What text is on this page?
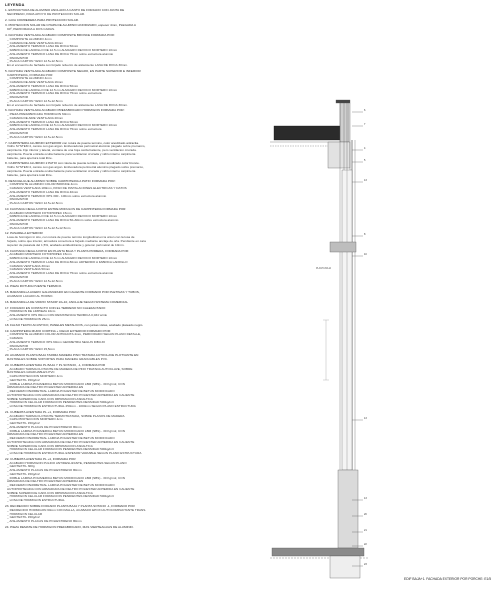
LEYENDA
1. ESTRUCTURA DE ALUMINIO ANCLADO A CANTO DE FORJADO CON JUNTA DE
NEOPRENO, PARA APOYO DE PROTECCION SOLAR.
2. GUIA CORREDERA PARA PROTECCION SOLAR.
3. PROTECCION SOLAR DE CHAPA DE ALUMINIO ANODIZADO, espesor 4mm, PLEGADA A
90º, PERFORADA A DOS CARAS.
4. FACHADA VENTILADA ACABADO COMPOSITE BRONCE FORMADA POR:
_ COMPOSITE ALUMINIO 4mm
_ CAMARA DE AIRE VENTILADA 20mm
_ AISLAMIENTO TERMICO LANA DE ROCA 50mm
_ FABRICA DE LADRILLO DE 12.5 cm ALMAGRO REVOCO MORTERO 10mm
_ AISLAMIENTO TERMICO LANA DE ROCA 75mm sobre estructura alumnio
_ PARAVAPOR
_ PLACA CARTON YESO 12.5+12.5mm
En el encuentro de fachada con forjado refuerzo de aislamiento LANA DE ROCA 30mm.
5. FACHADA VENTILADA ACABADO COMPOSITE NEGRO, EN PARTE SUPERIOR E INFERIOR
CARPINTERIA, FORMADA POR:
_ COMPOSITE ALUMINIO 4mm
_ CAMARA DE AIRE VENTILADA 16mm
_ AISLAMIENTO TERMICO LANA DE ROCA 50mm
_ FABRICA DE LADRILLO DE 12.5 cm ALMAGRO REVOCO MORTERO 10mm
_ AISLAMIENTO TERMICO LANA DE ROCA 75mm sobre estructura
_ PARAVAPOR
_ PLACA CARTON YESO 12.5+12.5mm
En el encuentro de fachada con forjado refuerzo de aislamiento LANA DE ROCA 30mm.
6. FACHADA VENTILADA ACABADO PREFABRICADO HORMIGON FORMADA POR:
_ PIEZA PREFABRICADA HORMIGON 60mm
_ CAMARA DE AIRE VENTILADA 20mm
_ AISLAMIENTO TERMICO LANA DE ROCA 50mm
_ FABRICA DE LADRILLO DE 12.5 cm ALMAGRO REVOCO MORTERO 10mm
_ AISLAMIENTO TERMICO LANA DE ROCA 75mm sobre estructura
_ PARAVAPOR
_ PLACA CARTON YESO 12.5+12.5mm
7. CARPINTERIA ALUMINIO EXTERIOR con rotura de puente termico, color anodizado antracita.
Vidrio SYSTEM 4, cantos con gas argon. Embocaduras perimetral aluminio plegado sobre premarco,
carpinteria. Fijo inferior y lateral, ventana de una hoja oscila batiente, pero ventilacion cruzada.
carpinteria. Puerta entrada oculta batiente para ventilacion cruzada y vidrio interno carpinteria
batiente, para apertura total libre.
8. CARPINTERIA ALUMINIO 2 PATIO con rotura de puente termico, color anodizado color bronce.
Vidrio SYSTEM 4, cantos con gas argon. Embocadura perimetral aluminio plegado sobre premarco,
carpinteria. Puerta entrada oculta batiente para ventilacion cruzada y vidrio interno carpinteria
batiente, para apertura total libre.
9. DESCUELGUE ALUMINIO SOBRE CARPINTERIA A PATIO FORMADA POR:
_ COMPOSITE ALUMINIO COLOR BRONCE 4mm
_ CAMARA VENTILADA 180mm, PASO DE INSTALACIONES ELECTRICAS Y DATOS
_ AISLAMIENTO TERMICO LANA DE ROCA 40mm
_ AISLAMIENTO TERMICO XPS 300 - 100mm sobre estructura alumnio
_ PARAVAPOR
_ PLACA CARTON YESO 12.5+12.5mm
10. FACHADA CIEGA A PATIO ENTRE MODULOS DE CARPINTERIA FORMADA POR:
_ ACABADO MORTERO FOTOPRIPEC 15mm
_ FABRICA DE LADRILLO DE 12.5 cm ALMAGRO REVOCO MORTERO 10mm
_ AISLAMIENTO TERMICO LANA DE ROCA 50+60mm sobre estructura alumnio
_ PARAVAPOR
_ PLACA CARTON YESO 12.5+12.5+12.5mm
12. PASARELA EXTERIOR
Losa de hormigon in situ, con rotura de puente termico longitudinal en la union con la losa de
forjado, sobre que interior, armadura conectora a forjado mediante anclaje de orla. Pendiente en cara
superior de pasarela del 1,5%, acabado antideslizante y goteron perimetral de 10mm.
13. FACHADA CIEGA A PATIO EN PLANTA BAJA Y PLANTA PRIMERA, FORMADA POR:
_ ACABADO MORTERO FOTOPRIPEC 15mm
_ FABRICA DE LADRILLO DE 12.5 cm ALMAGRO REVOCO MORTERO 10mm
_ AISLAMIENTO TERMICO LANA DE ROCA 80mm ADHERIDO A FABRICA LADRILLO
_ CAMARA VENTILADA 30mm
_ CAMARA VENTILADA 50mm
_ AISLAMIENTO TERMICO LANA DE ROCA 75mm sobre estructura alumnio
_ PARAVAPOR
_ PLACA CARTON YESO 12.5+12.5mm
14. PIEZA ROTURA PUENTE TERMICO.
15. BARANDILLA ACERO GALVANIZADO EN CALIENTE FORMADO POR PLETINAS Y TUBOS,
ACABADO LACADO AL HORNO.
16. BARANDILLA DE VIDRIO STADIP 10+10, ANCLAJE SEGUN SISTEMA COMERCIAL
17. FORJADO EN CONTACTO CON EL TERRENO NO CALEFACTADO:
_ HORMIGON DE LIMPIEZA 10cm
_ AISLAMIENTO XPS 80mm CON RESISTENCIA TERMICA 0,034 w/mk
_ LOSA DE HORMIGON 25cm
18. FALSO TECHO ACUSTICO, PANELES METALICOS, con juntas vistas, acabado plateado negro.
19. CARPINTERIA MURO CORTINA + CIEGO EXTERIOR FORMADO POR:
_ COMPOSITE ALUMINIO COLOR ANTRACITA 4mm, PERFORADO SEGUN PLANO DETALLE,
_ CAMARA
_ AISLAMIENTO TERMICO XPS 60mm GEOMETRIA SEGUN DIBUJO
_ PARAVAPOR
_ PLACA CARTON YESO 15,5mm
20. ACABADO PLANTA BAJA TARIMA MADERA PINO TRATADA AUTOCLAVE PLOTVANTE EN
RASTRELES SOBRE SOPORTES PARA MADERA GRADUABLES PVC.
20. CUBIERTA AVENTADA PL BAJA Y PL SOTANO, -1, FORMADA POR
_ ACABADO TARIMA FLOTANTE DE MADERA DE PINO TRATADA AUTOCLAVE, SOBRE
RASTRELES GRADUABLES PVC
_ CAPA PROTECCION MORTERO 4cm
_ GEOTEXTIL 150g/m2
_ DOBLE LAMINA POLIMERICA BETUN MODIFICADO LBM (SBS) - 30 Kg/m2, CON
ARMADURA DE FIELTRO POLIESTER ADHERIDA EN
_ REFUERZO PERIMETRAL LAMINA POLIESTER DE BETUN MODIFICADO
AUTOPROTEGIDA CON ARMADURA DE FIELTRO POLIESTER ADHERIDA EN CALIENTE
SOBRE SUPERFICIE CAPA CON IMPRIMACION ASFALTICA
_ HORMIGON CELULAR FORMACION PENDIENTES DENSIDAD 500kg/m3
_ LOSA DE HORMIGON ESTRUCTURAL 250mm - 1000mm SEGUN PLANO ESTRUCTURA
21. CUBIERTA AVENTADA PL +1, FORMADA POR
_ ACABADO TARIMA FLOTANTE TERMOTRATADA, SOBRE PLANOS DE MADERA
_ CAPA PROTECCION MORTERO 4cm
_ GEOTEXTIL 150g/m2
_ AISLAMIENTO PLACAS DE POLIESTIRENO 80mm
_ DOBLE LAMINA POLIMERICA BETUN MODIFICADO LBM (SBS) - 30 Kg/m2, CON
ARMADURA DE FIELTRO POLIESTER ADHERIDA EN
_ REFUERZO PERIMETRAL LAMINA POLIESTER DE BETUN MODIFICADO
AUTOPROTEGIDA CON ARMADURA DE FIELTRO POLIESTER ADHERIDA EN CALIENTE
SOBRE SUPERFICIE CAPA CON IMPRIMACION ASFALTICA
_ HORMIGON CELULAR FORMACION PENDIENTES DENSIDAD 500kg/m3
_ LOSA DE HORMIGON ESTRUCTURAL ESPESOR VARIABLE SEGUN PLANO ESTRUCTURA
22. CUBIERTA AVENTADA PL +4, FORMADA POR
_ ACABADO HORMIGON PULIDO ANTIDESLIZANTE, PENDIENTES SEGUN PLANO
_ GEOTEXTIL 300g
_ AISLAMIENTO PLACAS DE POLIESTIRENO 80mm
_ GEOTEXTIL 150g/m2
_ DOBLE LAMINA POLIMERICA BETUN MODIFICADO LBM (SBS) - 30 Kg/m2, CON
ARMADURA DE FIELTRO POLIESTER ADHERIDA EN
_ REFUERZO PERIMETRAL LAMINA POLIESTER DE BETUN MODIFICADO
AUTOPROTEGIDA CON ARMADURA DE FIELTRO POLIESTER ADHERIDA EN CALIENTE
SOBRE SUPERFICIE CAPA CON IMPRIMACION ASFALTICA
_ HORMIGON CELULAR FORMACION PENDIENTES DENSIDAD 500kg/m3
_ LOSA DE HORMIGON ESTRUCTURAL
23. RECRECIDO SOBRE FORJADO PLANTA BAJA Y PLANTA SOTANO -1, FORMADO POR
_ RECRECIDO HORMIGON 60mm CON MALLA, ACABADO EPOXI AUTOCOMPACTANTE TRANS.
_ HORMIGON CELULAR
_ GEOTEXTIL 150g/m2
_ AISLAMIENTO PLACAS DE POLIESTIRENO 80mm
24. PIEZA REMATE DE HORMIGON PREFABRICADO, MAS VIERTEAGUAS DE ALUMINIO.
6
7
4
5
13
8
10
13
13
20
21
22
23
PLANTA BAJA
EDIF BAJA+1. FACHADA EXTERIOR POR PORCHE: E1/5
